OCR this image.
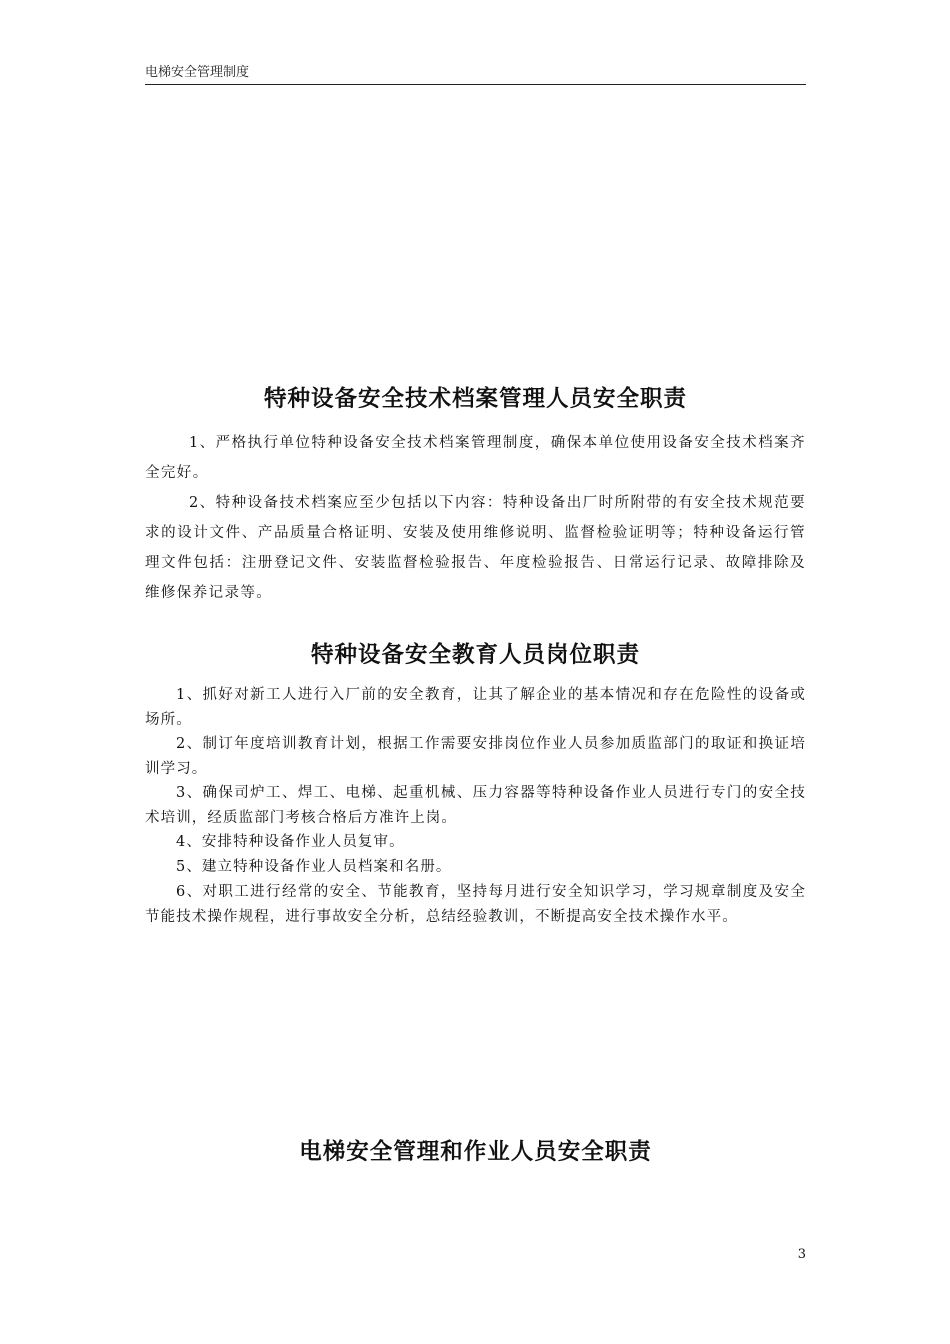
电梯安全管理制度
特种设备安全技术档案管理人员安全职责

1、严格执行单位特种设备安全技术档案管理制度，确保本单位使用设备安全技术档案齐全完好。

2、特种设备技术档案应至少包括以下内容：特种设备出厂时所附带的有安全技术规范要求的设计文件、产品质量合格证明、安装及使用维修说明、监督检验证明等；特种设备运行管理文件包括：注册登记文件、安装监督检验报告、年度检验报告、日常运行记录、故障排除及维修保养记录等。

特种设备安全教育人员岗位职责

1、抓好对新工人进行入厂前的安全教育，让其了解企业的基本情况和存在危险性的设备或场所。

2、制订年度培训教育计划，根据工作需要安排岗位作业人员参加质监部门的取证和换证培训学习。

3、确保司炉工、焊工、电梯、起重机械、压力容器等特种设备作业人员进行专门的安全技术培训，经质监部门考核合格后方准许上岗。

4、安排特种设备作业人员复审。

5、建立特种设备作业人员档案和名册。

6、对职工进行经常的安全、节能教育，坚持每月进行安全知识学习，学习规章制度及安全节能技术操作规程，进行事故安全分析，总结经验教训，不断提高安全技术操作水平。

电梯安全管理和作业人员安全职责
3
